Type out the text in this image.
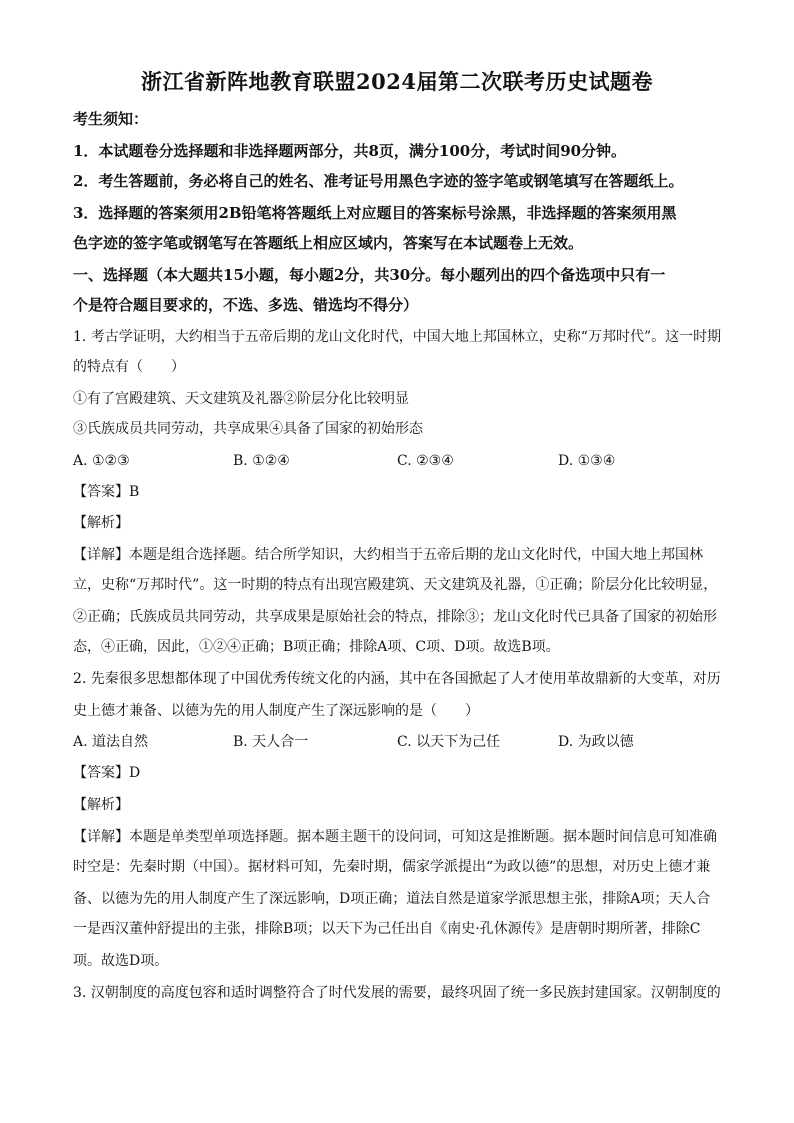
浙江省新阵地教育联盟2024届第二次联考历史试题卷
考生须知：
1．本试题卷分选择题和非选择题两部分，共8页，满分100分，考试时间90分钟。
2．考生答题前，务必将自己的姓名、准考证号用黑色字迹的签字笔或钢笔填写在答题纸上。
3．选择题的答案须用2B铅笔将答题纸上对应题目的答案标号涂黑，非选择题的答案须用黑
色字迹的签字笔或钢笔写在答题纸上相应区域内，答案写在本试题卷上无效。
一、选择题（本大题共15小题，每小题2分，共30分。每小题列出的四个备选项中只有一
个是符合题目要求的，不选、多选、错选均不得分）
1. 考古学证明，大约相当于五帝后期的龙山文化时代，中国大地上邦国林立，史称“万邦时代”。这一时期
的特点有（　　）
①有了宫殿建筑、天文建筑及礼器②阶层分化比较明显
③氏族成员共同劳动，共享成果④具备了国家的初始形态
A. ①②③	B. ①②④	C. ②③④	D. ①③④
【答案】B
【解析】
【详解】本题是组合选择题。结合所学知识，大约相当于五帝后期的龙山文化时代，中国大地上邦国林
立，史称“万邦时代”。这一时期的特点有出现宫殿建筑、天文建筑及礼器，①正确；阶层分化比较明显，
②正确；氏族成员共同劳动，共享成果是原始社会的特点，排除③；龙山文化时代已具备了国家的初始形
态，④正确，因此，①②④正确；B项正确；排除A项、C项、D项。故选B项。
2. 先秦很多思想都体现了中国优秀传统文化的内涵，其中在各国掀起了人才使用革故鼎新的大变革，对历
史上德才兼备、以德为先的用人制度产生了深远影响的是（　　）
A. 道法自然	B. 天人合一	C. 以天下为己任	D. 为政以德
【答案】D
【解析】
【详解】本题是单类型单项选择题。据本题主题干的设问词，可知这是推断题。据本题时间信息可知准确
时空是：先秦时期（中国）。据材料可知，先秦时期，儒家学派提出“为政以德”的思想，对历史上德才兼
备、以德为先的用人制度产生了深远影响，D项正确；道法自然是道家学派思想主张，排除A项；天人合
一是西汉董仲舒提出的主张，排除B项；以天下为己任出自《南史·孔休源传》是唐朝时期所著，排除C
项。故选D项。
3. 汉朝制度的高度包容和适时调整符合了时代发展的需要，最终巩固了统一多民族封建国家。汉朝制度的
